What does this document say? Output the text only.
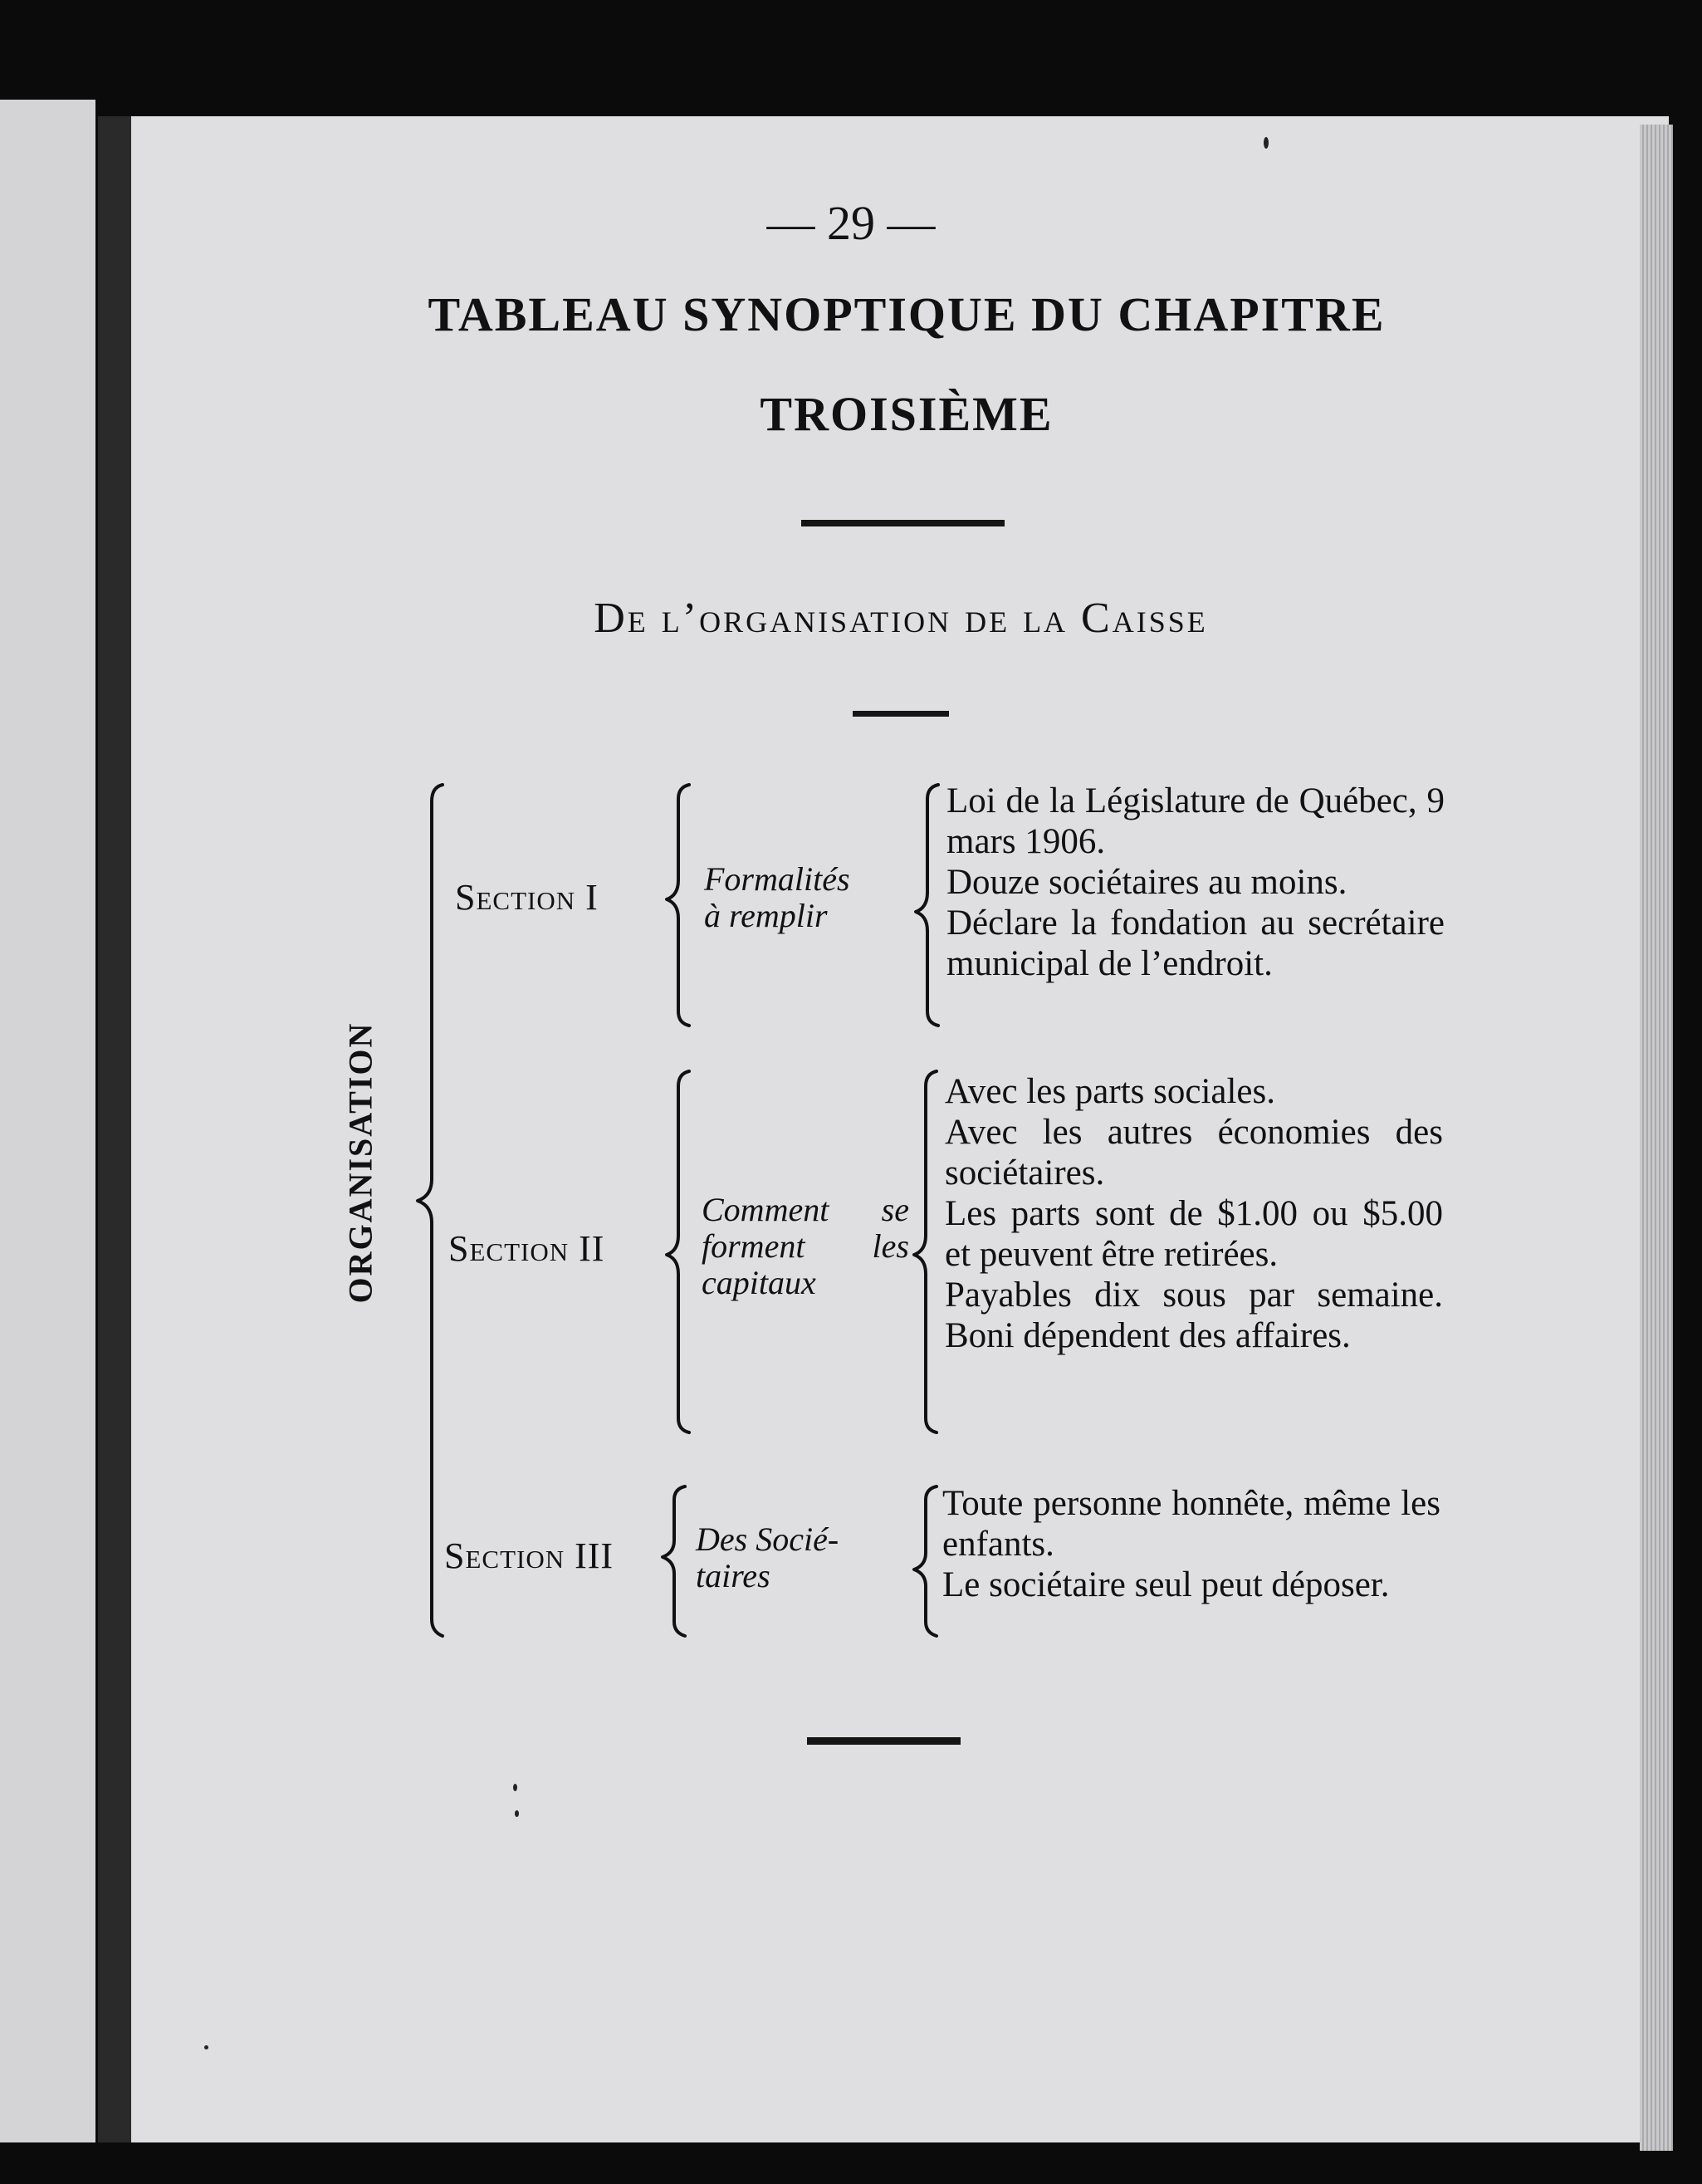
— 29 —
TABLEAU SYNOPTIQUE DU CHAPITRE
TROISIÈME
De l’organisation de la Caisse
ORGANISATION
Section I	Formalités
à remplir

Loi de la Législature de Québec, 9 mars 1906.

Douze sociétaires au moins.

Déclare la fondation au secrétaire municipal de l’endroit.

Section II
Comment se
forment les
capitaux

Avec les parts sociales.

Avec les autres économies des sociétaires.

Les parts sont de $1.00 ou $5.00 et peuvent être retirées.

Payables dix sous par semaine. Boni dépendent des affaires.

Section III Des Socié-
taires

Toute personne honnête, même les enfants.

Le sociétaire seul peut déposer.
